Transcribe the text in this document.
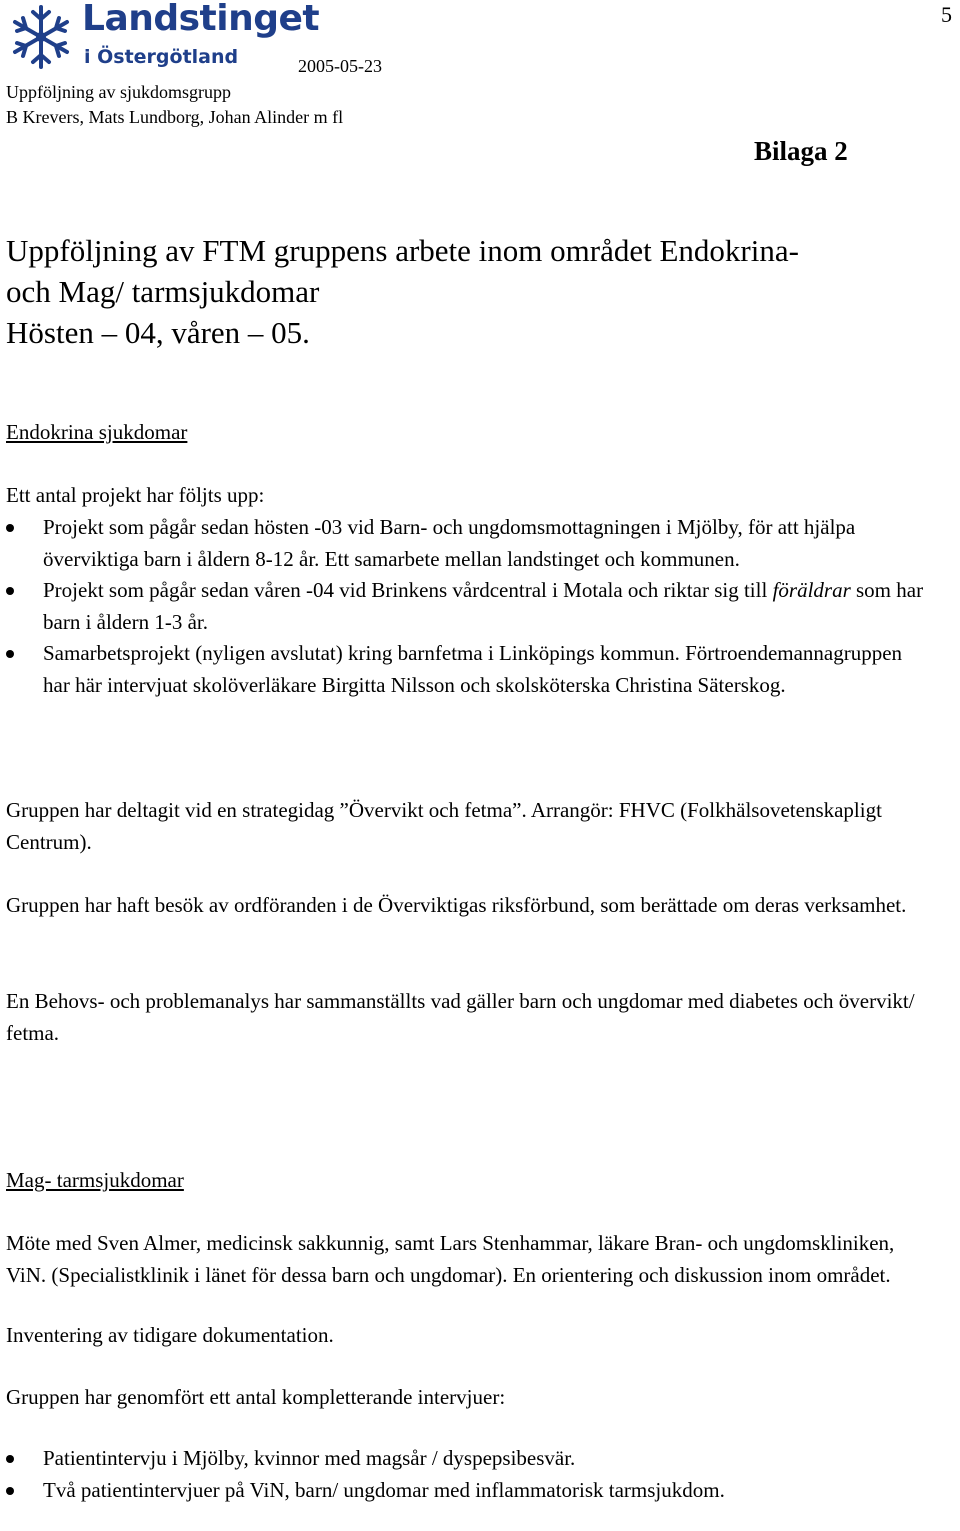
Landstinget
i Östergötland
5
2005-05-23
Uppföljning av sjukdomsgrupp
B Krevers, Mats Lundborg, Johan Alinder m fl
Bilaga 2
Uppföljning av FTM gruppens arbete inom området Endokrina-
och Mag/ tarmsjukdomar
Hösten – 04, våren – 05.
Endokrina sjukdomar

Ett antal projekt har följts upp:

Projekt som pågår sedan hösten -03 vid Barn- och ungdomsmottagningen i Mjölby, för att hjälpa överviktiga barn i åldern 8-12 år. Ett samarbete mellan landstinget och kommunen.
Projekt som pågår sedan våren -04 vid Brinkens vårdcentral i Motala och riktar sig till föräldrar som har barn i åldern 1-3 år.
Samarbetsprojekt (nyligen avslutat) kring barnfetma i Linköpings kommun. Förtroendemannagruppen har här intervjuat skolöverläkare Birgitta Nilsson och skolsköterska Christina Säterskog.

Gruppen har deltagit vid en strategidag ”Övervikt och fetma”. Arrangör: FHVC (Folkhälsovetenskapligt Centrum).

Gruppen har haft besök av ordföranden i de Överviktigas riksförbund, som berättade om deras verksamhet.

En Behovs- och problemanalys har sammanställts vad gäller barn och ungdomar med diabetes och övervikt/ fetma.

Mag- tarmsjukdomar

Möte med Sven Almer, medicinsk sakkunnig, samt Lars Stenhammar, läkare Bran- och ungdomskliniken, ViN. (Specialistklinik i länet för dessa barn och ungdomar). En orientering och diskussion inom området.

Inventering av tidigare dokumentation.

Gruppen har genomfört ett antal kompletterande intervjuer:

Patientintervju i Mjölby, kvinnor med magsår / dyspepsibesvär.
Två patientintervjuer på ViN, barn/ ungdomar med inflammatorisk tarmsjukdom.
